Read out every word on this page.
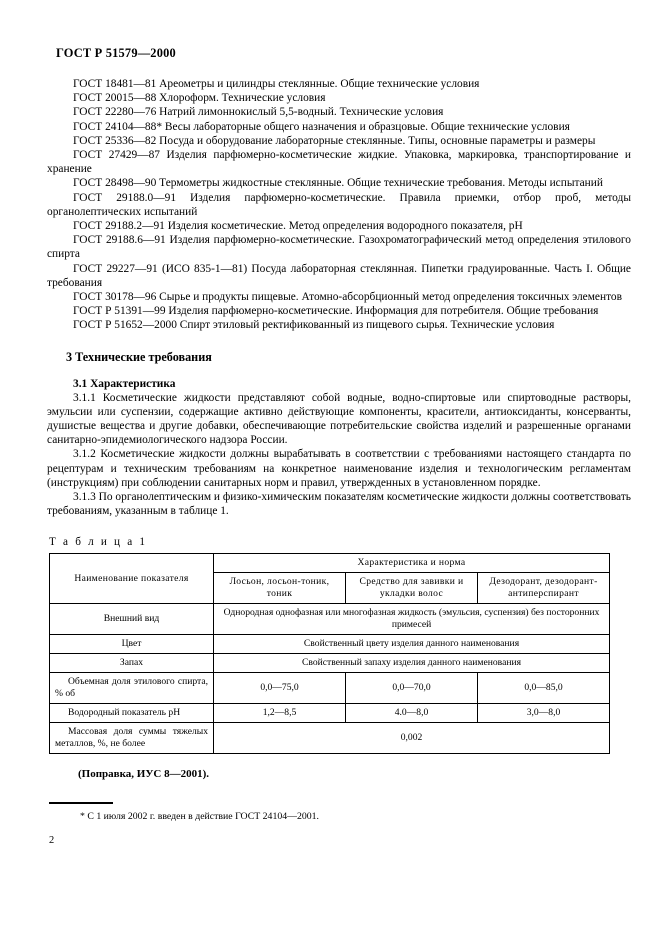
ГОСТ Р 51579—2000

ГОСТ 18481—81 Ареометры и цилиндры стеклянные. Общие технические условия

ГОСТ 20015—88 Хлороформ. Технические условия

ГОСТ 22280—76 Натрий лимоннокислый 5,5-водный. Технические условия

ГОСТ 24104—88* Весы лабораторные общего назначения и образцовые. Общие технические условия

ГОСТ 25336—82 Посуда и оборудование лабораторные стеклянные. Типы, основные параметры и размеры

ГОСТ 27429—87 Изделия парфюмерно-косметические жидкие. Упаковка, маркировка, транспортирование и хранение

ГОСТ 28498—90 Термометры жидкостные стеклянные. Общие технические требования. Методы испытаний

ГОСТ 29188.0—91 Изделия парфюмерно-косметические. Правила приемки, отбор проб, методы органолептических испытаний

ГОСТ 29188.2—91 Изделия косметические. Метод определения водородного показателя, рН

ГОСТ 29188.6—91 Изделия парфюмерно-косметические. Газохроматографический метод определения этилового спирта

ГОСТ 29227—91 (ИСО 835-1—81) Посуда лабораторная стеклянная. Пипетки градуированные. Часть I. Общие требования

ГОСТ 30178—96 Сырье и продукты пищевые. Атомно-абсорбционный метод определения токсичных элементов

ГОСТ Р 51391—99 Изделия парфюмерно-косметические. Информация для потребителя. Общие требования

ГОСТ Р 51652—2000 Спирт этиловый ректификованный из пищевого сырья. Технические условия

3 Технические требования
3.1 Характеристика

3.1.1 Косметические жидкости представляют собой водные, водно-спиртовые или спиртоводные растворы, эмульсии или суспензии, содержащие активно действующие компоненты, красители, антиоксиданты, консерванты, душистые вещества и другие добавки, обеспечивающие потребительские свойства изделий и разрешенные органами санитарно-эпидемиологического надзора России.

3.1.2 Косметические жидкости должны вырабатывать в соответствии с требованиями настоящего стандарта по рецептурам и техническим требованиям на конкретное наименование изделия и технологическим регламентам (инструкциям) при соблюдении санитарных норм и правил, утвержденных в установленном порядке.

3.1.3 По органолептическим и физико-химическим показателям косметические жидкости должны соответствовать требованиям, указанным в таблице 1.

Т а б л и ц а 1
Наименование показателя	Характеристика и норма		
	Лосьон, лосьон-тоник, тоник	Средство для завивки и укладки волос	Дезодорант, дезодорант-антиперспирант
Внешний вид	Однородная однофазная или многофазная жидкость (эмульсия, суспензия) без посторонних примесей		
Цвет	Свойственный цвету изделия данного наименования		
Запах	Свойственный запаху изделия данного наименования		
Объемная доля этилового спирта, % об	0,0—75,0	0,0—70,0	0,0—85,0
Водородный показатель рН	1,2—8,5	4.0—8,0	3,0—8,0
Массовая доля суммы тяжелых металлов, %, не более	0,002		
(Поправка, ИУС 8—2001).
* С 1 июля 2002 г. введен в действие ГОСТ 24104—2001.
2
